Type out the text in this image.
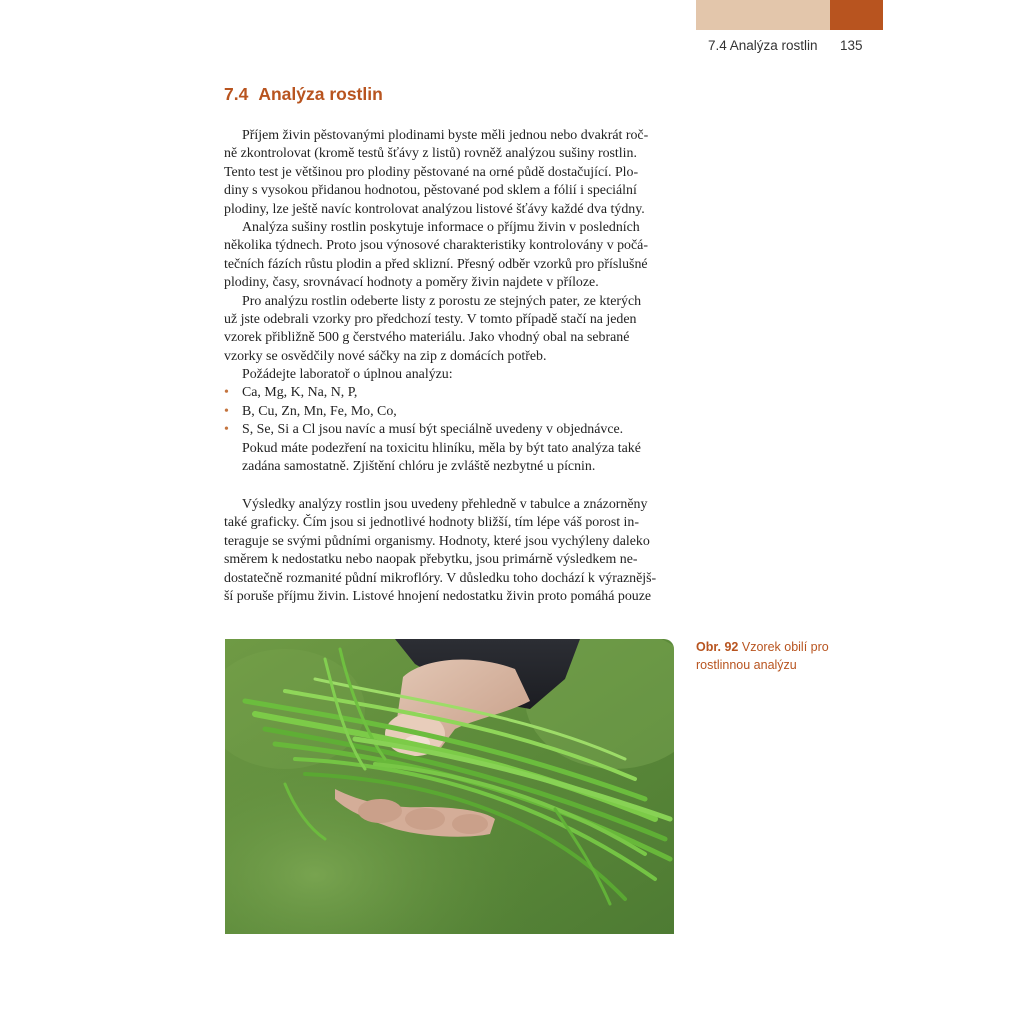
7.4 Analýza rostlin 135
7.4 Analýza rostlin
Příjem živin pěstovanými plodinami byste měli jednou nebo dvakrát roč-
ně zkontrolovat (kromě testů šťávy z listů) rovněž analýzou sušiny rostlin.
Tento test je většinou pro plodiny pěstované na orné půdě dostačující. Plo-
diny s vysokou přidanou hodnotou, pěstované pod sklem a fólií i speciální
plodiny, lze ještě navíc kontrolovat analýzou listové šťávy každé dva týdny.
Analýza sušiny rostlin poskytuje informace o příjmu živin v posledních
několika týdnech. Proto jsou výnosové charakteristiky kontrolovány v počá-
tečních fázích růstu plodin a před sklizní. Přesný odběr vzorků pro příslušné
plodiny, časy, srovnávací hodnoty a poměry živin najdete v příloze.
Pro analýzu rostlin odeberte listy z porostu ze stejných pater, ze kterých
už jste odebrali vzorky pro předchozí testy. V tomto případě stačí na jeden
vzorek přibližně 500 g čerstvého materiálu. Jako vhodný obal na sebrané
vzorky se osvědčily nové sáčky na zip z domácích potřeb.
Požádejte laboratoř o úplnou analýzu:
• Ca, Mg, K, Na, N, P,
• B, Cu, Zn, Mn, Fe, Mo, Co,
• S, Se, Si a Cl jsou navíc a musí být speciálně uvedeny v objednávce.
Pokud máte podezření na toxicitu hliníku, měla by být tato analýza také
zadána samostatně. Zjištění chlóru je zvláště nezbytné u pícnin.
Výsledky analýzy rostlin jsou uvedeny přehledně v tabulce a znázorněny
také graficky. Čím jsou si jednotlivé hodnoty bližší, tím lépe váš porost in-
teraguje se svými půdními organismy. Hodnoty, které jsou vychýleny daleko
směrem k nedostatku nebo naopak přebytku, jsou primárně výsledkem ne-
dostatečně rozmanité půdní mikroflóry. V důsledku toho dochází k výraznějš-
ší poruše příjmu živin. Listové hnojení nedostatku živin proto pomáhá pouze
Obr. 92 Vzorek obilí pro rostlinnou analýzu
